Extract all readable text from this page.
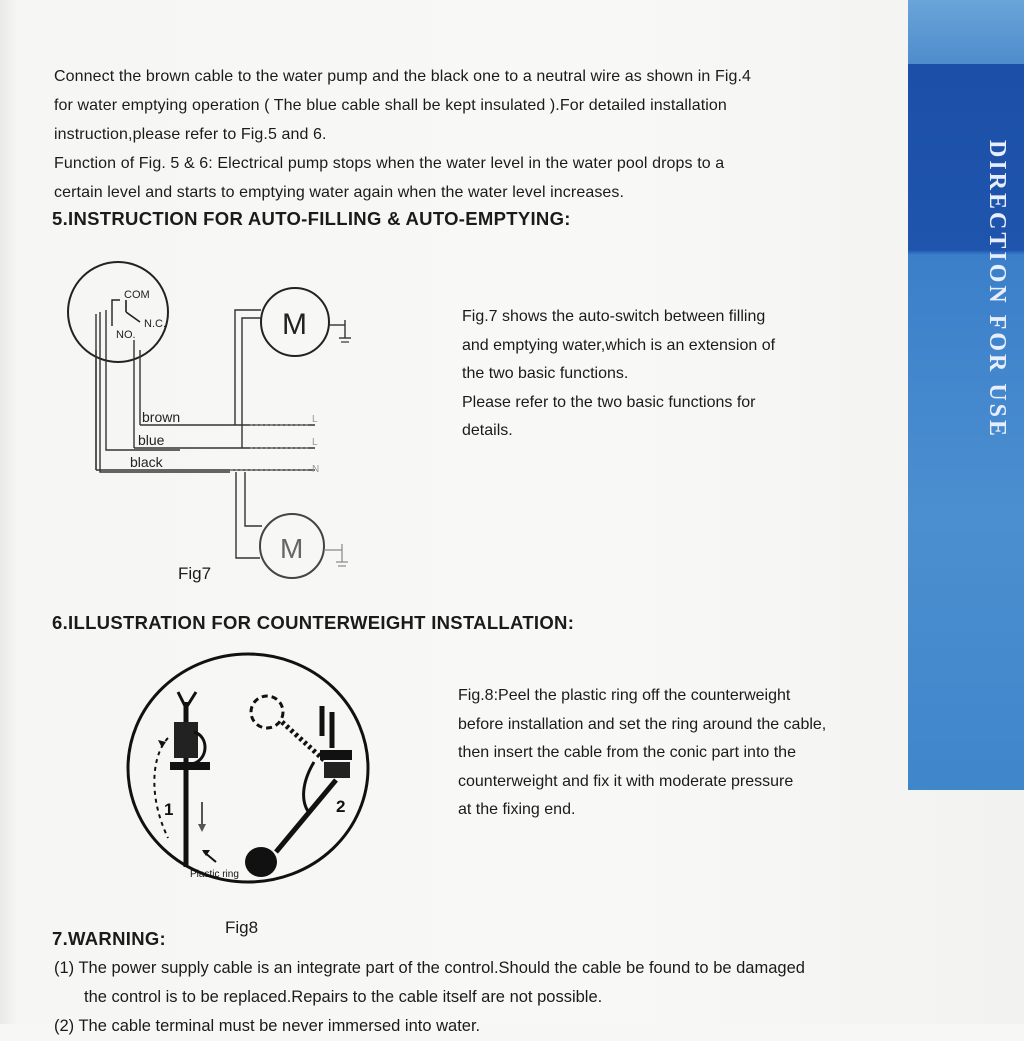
Connect the brown cable to the water pump and the black one to a neutral wire as shown in Fig.4
for water emptying operation ( The blue cable shall be kept insulated ).For detailed installation
instruction,please refer to Fig.5 and 6.
Function of Fig. 5 & 6: Electrical pump stops when the water level in the water pool drops to a
certain level and starts to emptying water again when the water level increases.
5.INSTRUCTION FOR AUTO-FILLING & AUTO-EMPTYING:
COM
N.C.
NO.
brown
blue
black
L
L
N
M
M
Fig7

Fig.7 shows the auto-switch between filling

and emptying water,which is an extension of

the two basic functions.

Please refer to the two basic functions for

details.

6.ILLUSTRATION FOR COUNTERWEIGHT INSTALLATION:
1
Plastic ring
2
Fig8

Fig.8:Peel the plastic ring off the counterweight

before installation and set the ring around the cable,

then insert the cable from the conic part into the

counterweight and fix it with moderate pressure

at the fixing end.

7.WARNING:
(1) The power supply cable is an integrate part of the control.Should the cable be found to be damaged
the control is to be replaced.Repairs to the cable itself are not possible.
(2) The cable terminal must be never immersed into water.
DIRECTION FOR USE
